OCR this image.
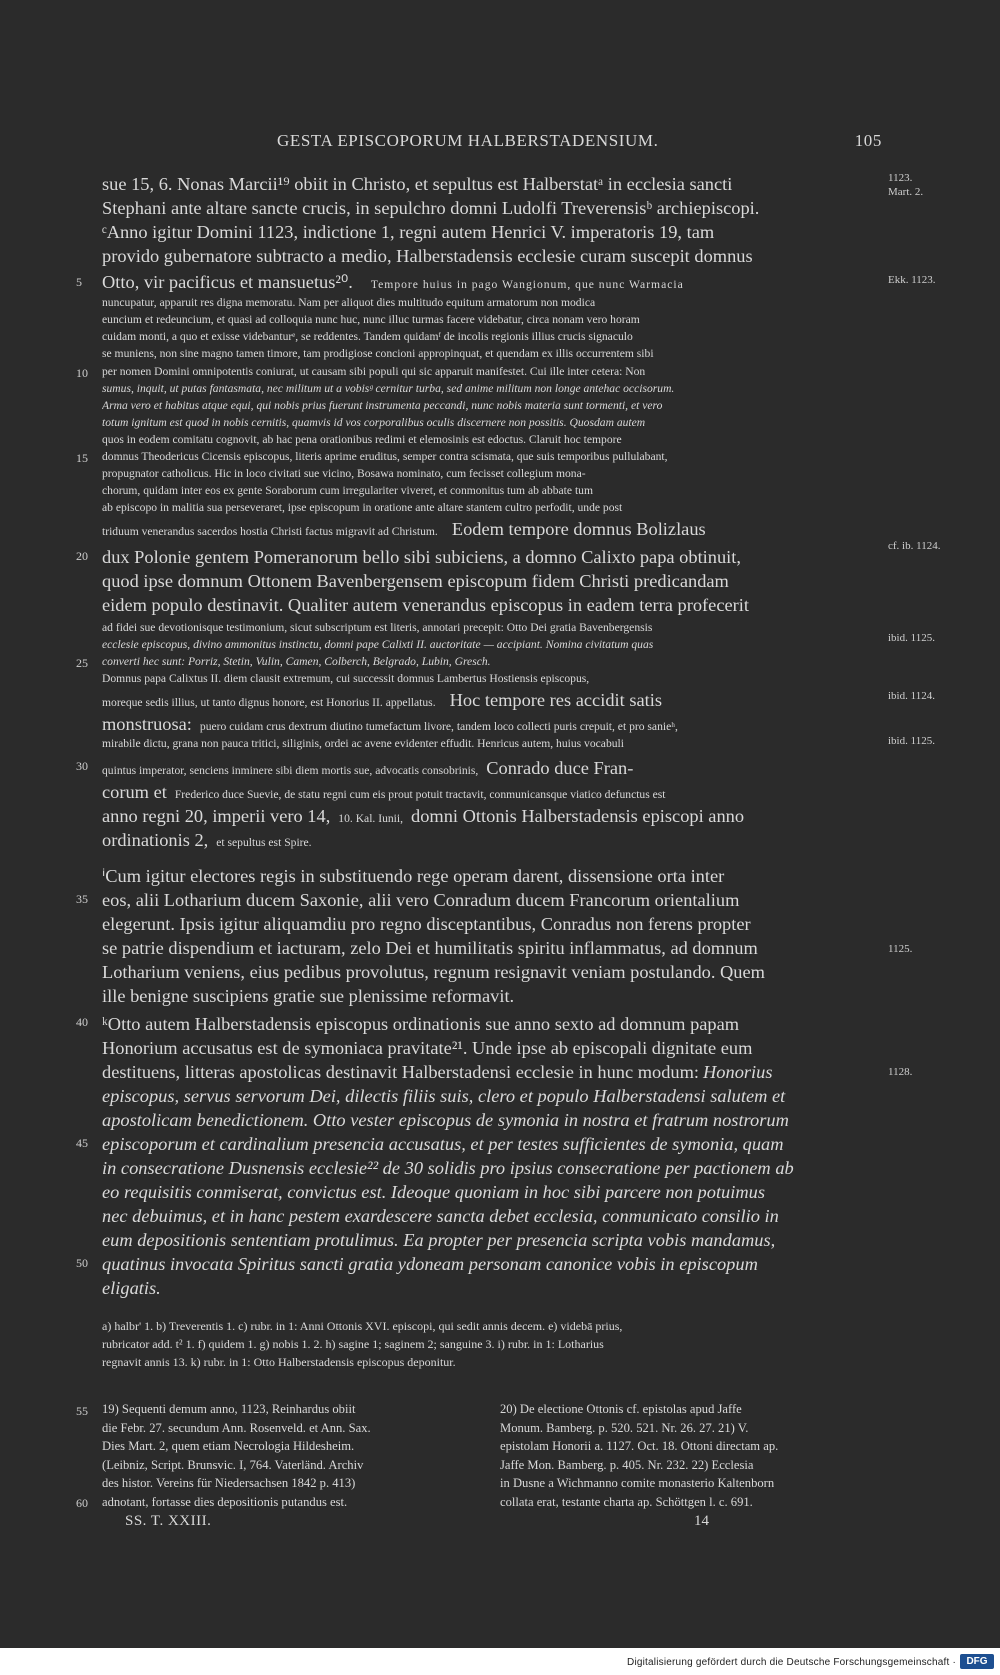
GESTA EPISCOPORUM HALBERSTADENSIUM.	105
sue 15, 6. Nonas Marcii¹⁹ obiit in Christo, et sepultus est Halberstatᵃ in ecclesia sancti
Stephani ante altare sancte crucis, in sepulchro domni Ludolfi Treverensisᵇ archiepiscopi.
ᶜAnno igitur Domini 1123, indictione 1, regni autem Henrici V. imperatoris 19, tam
provido gubernatore subtracto a medio, Halberstadensis ecclesie curam suscepit domnus
Otto, vir pacificus et mansuetus²⁰. Tempore huius in pago Wangionum, que nunc Warmacia
nuncupatur, apparuit res digna memoratu. Nam per aliquot dies multitudo equitum armatorum non modica
euncium et redeuncium, et quasi ad colloquia nunc huc, nunc illuc turmas facere videbatur, circa nonam vero horam
cuidam monti, a quo et exisse videbanturᵉ, se reddentes. Tandem quidamᶠ de incolis regionis illius crucis signaculo
se muniens, non sine magno tamen timore, tam prodigiose concioni appropinquat, et quendam ex illis occurrentem sibi
per nomen Domini omnipotentis coniurat, ut causam sibi populi qui sic apparuit manifestet. Cui ille inter cetera: Non
sumus, inquit, ut putas fantasmata, nec militum ut a vobisᵍ cernitur turba, sed anime militum non longe antehac occisorum.
Arma vero et habitus atque equi, qui nobis prius fuerunt instrumenta peccandi, nunc nobis materia sunt tormenti, et vero
totum ignitum est quod in nobis cernitis, quamvis id vos corporalibus oculis discernere non possitis. Quosdam autem
quos in eodem comitatu cognovit, ab hac pena orationibus redimi et elemosinis est edoctus. Claruit hoc tempore
domnus Theodericus Cicensis episcopus, literis aprime eruditus, semper contra scismata, que suis temporibus pullulabant,
propugnator catholicus. Hic in loco civitati sue vicino, Bosawa nominato, cum fecisset collegium mona-
chorum, quidam inter eos ex gente Soraborum cum irregulariter viveret, et conmonitus tum ab abbate tum
ab episcopo in malitia sua perseveraret, ipse episcopum in oratione ante altare stantem cultro perfodit, unde post
triduum venerandus sacerdos hostia Christi factus migravit ad Christum. Eodem tempore domnus Bolizlaus
dux Polonie gentem Pomeranorum bello sibi subiciens, a domno Calixto papa obtinuit,
quod ipse domnum Ottonem Bavenbergensem episcopum fidem Christi predicandam
eidem populo destinavit. Qualiter autem venerandus episcopus in eadem terra profecerit
ad fidei sue devotionisque testimonium, sicut subscriptum est literis, annotari precepit: Otto Dei gratia Bavenbergensis
ecclesie episcopus, divino ammonitus instinctu, domni pape Calixti II. auctoritate — accipiant. Nomina civitatum quas
converti hec sunt: Porriz, Stetin, Vulin, Camen, Colberch, Belgrado, Lubin, Gresch.
Domnus papa Calixtus II. diem clausit extremum, cui successit domnus Lambertus Hostiensis episcopus,
moreque sedis illius, ut tanto dignus honore, est Honorius II. appellatus. Hoc tempore res accidit satis
monstruosa: puero cuidam crus dextrum diutino tumefactum livore, tandem loco collecti puris crepuit, et pro sanieʰ,
mirabile dictu, grana non pauca tritici, siliginis, ordei ac avene evidenter effudit. Henricus autem, huius vocabuli
quintus imperator, senciens inminere sibi diem mortis sue, advocatis consobrinis, Conrado duce Fran-
corum et Frederico duce Suevie, de statu regni cum eis prout potuit tractavit, conmunicansque viatico defunctus est
anno regni 20, imperii vero 14, 10. Kal. Iunii, domni Ottonis Halberstadensis episcopi anno
ordinationis 2, et sepultus est Spire.
ⁱCum igitur electores regis in substituendo rege operam darent, dissensione orta inter
eos, alii Lotharium ducem Saxonie, alii vero Conradum ducem Francorum orientalium
elegerunt. Ipsis igitur aliquamdiu pro regno disceptantibus, Conradus non ferens propter
se patrie dispendium et iacturam, zelo Dei et humilitatis spiritu inflammatus, ad domnum
Lotharium veniens, eius pedibus provolutus, regnum resignavit veniam postulando. Quem
ille benigne suscipiens gratie sue plenissime reformavit.
ᵏOtto autem Halberstadensis episcopus ordinationis sue anno sexto ad domnum papam
Honorium accusatus est de symoniaca pravitate²¹. Unde ipse ab episcopali dignitate eum
destituens, litteras apostolicas destinavit Halberstadensi ecclesie in hunc modum: Honorius
episcopus, servus servorum Dei, dilectis filiis suis, clero et populo Halberstadensi salutem et
apostolicam benedictionem. Otto vester episcopus de symonia in nostra et fratrum nostrorum
episcoporum et cardinalium presencia accusatus, et per testes sufficientes de symonia, quam
in consecratione Dusnensis ecclesie²² de 30 solidis pro ipsius consecratione per pactionem ab
eo requisitis conmiserat, convictus est. Ideoque quoniam in hoc sibi parcere non potuimus
nec debuimus, et in hanc pestem exardescere sancta debet ecclesia, conmunicato consilio in
eum depositionis sententiam protulimus. Ea propter per presencia scripta vobis mandamus,
quatinus invocata Spiritus sancti gratia ydoneam personam canonice vobis in episcopum
eligatis.
a) halbr' 1. b) Treverentis 1. c) rubr. in 1: Anni Ottonis XVI. episcopi, qui sedit annis decem. e) videbā prius,
rubricator add. t² 1. f) quidem 1. g) nobis 1. 2. h) sagine 1; saginem 2; sanguine 3. i) rubr. in 1: Lotharius
regnavit annis 13. k) rubr. in 1: Otto Halberstadensis episcopus deponitur.
19) Sequenti demum anno, 1123, Reinhardus obiit
die Febr. 27. secundum Ann. Rosenveld. et Ann. Sax.
Dies Mart. 2, quem etiam Necrologia Hildesheim.
(Leibniz, Script. Brunsvic. I, 764. Vaterländ. Archiv
des histor. Vereins für Niedersachsen 1842 p. 413)
adnotant, fortasse dies depositionis putandus est.
20) De electione Ottonis cf. epistolas apud Jaffe
Monum. Bamberg. p. 520. 521. Nr. 26. 27. 21) V.
epistolam Honorii a. 1127. Oct. 18. Ottoni directam ap.
Jaffe Mon. Bamberg. p. 405. Nr. 232. 22) Ecclesia
in Dusne a Wichmanno comite monasterio Kaltenborn
collata erat, testante charta ap. Schöttgen l. c. 691.
SS. T. XXIII.	14
5
10
15
20
25
30
35
40
45
50
55
60
1123.
Mart. 2.
Ekk. 1123.
cf. ib. 1124.
ibid. 1125.
ibid. 1124.
ibid. 1125.
1125.
1128.
Digitalisierung gefördert durch die Deutsche Forschungsgemeinschaft ·	DFG
